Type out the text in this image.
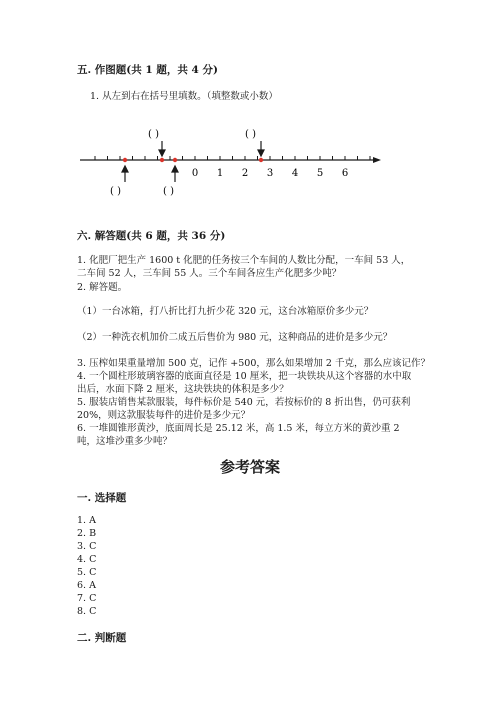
五. 作图题(共 1 题，共 4 分)
1. 从左到右在括号里填数。（填整数或小数）
( )	( )
0 1 2 3 4 5 6
( )	( )
六. 解答题(共 6 题，共 36 分)
1. 化肥厂把生产 1600 t 化肥的任务按三个车间的人数比分配，一车间 53 人，
二车间 52 人，三车间 55 人。三个车间各应生产化肥多少吨？
2. 解答题。
（1）一台冰箱，打八折比打九折少花 320 元，这台冰箱原价多少元？
（2）一种洗衣机加价二成五后售价为 980 元，这种商品的进价是多少元？
3. 压榨如果重量增加 500 克，记作 +500，那么如果增加 2 千克，那么应该记作？
4. 一个圆柱形玻璃容器的底面直径是 10 厘米，把一块铁块从这个容器的水中取
出后，水面下降 2 厘米，这块铁块的体积是多少？
5. 服装店销售某款服装，每件标价是 540 元，若按标价的 8 折出售，仍可获利
20%，则这款服装每件的进价是多少元？
6. 一堆圆锥形黄沙，底面周长是 25.12 米，高 1.5 米，每立方米的黄沙重 2
吨，这堆沙重多少吨？
参考答案
一. 选择题
1. A
2. B
3. C
4. C
5. C
6. A
7. C
8. C
二. 判断题
